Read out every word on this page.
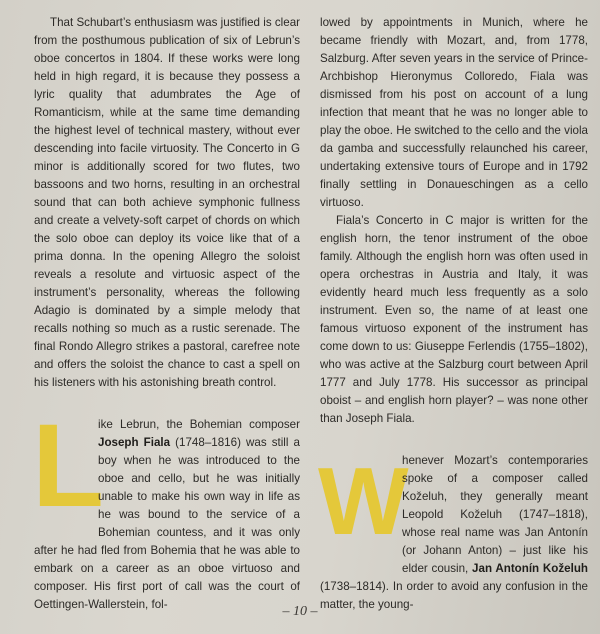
That Schubart’s enthusiasm was justified is clear from the posthumous publication of six of Lebrun’s oboe concertos in 1804. If these works were long held in high regard, it is because they possess a lyric quality that adumbrates the Age of Romanticism, while at the same time demanding the highest level of technical mastery, without ever descending into facile virtuosity. The Concerto in G minor is additionally scored for two flutes, two bassoons and two horns, resulting in an orchestral sound that can both achieve symphonic fullness and create a velvety-soft carpet of chords on which the solo oboe can deploy its voice like that of a prima donna. In the opening Allegro the soloist reveals a resolute and virtuosic aspect of the instrument’s personality, whereas the following Adagio is dominated by a simple melody that recalls nothing so much as a rustic serenade. The final Rondo Allegro strikes a pastoral, carefree note and offers the soloist the chance to cast a spell on his listeners with his astonishing breath control.

L
ike Lebrun, the Bohemian composer Joseph Fiala (1748–1816) was still a boy when he was introduced to the oboe and cello, but he was initially unable to make his own way in life as he was bound to the service of a Bohemian countess, and it was only after he had fled from Bohemia that he was able to embark on a career as an oboe virtuoso and composer. His first port of call was the court of Oettingen-Wallerstein, fol-

lowed by appointments in Munich, where he became friendly with Mozart, and, from 1778, Salzburg. After seven years in the service of Prince-Archbishop Hieronymus Colloredo, Fiala was dismissed from his post on account of a lung infection that meant that he was no longer able to play the oboe. He switched to the cello and the viola da gamba and successfully relaunched his career, undertaking extensive tours of Europe and in 1792 finally settling in Donaueschingen as a cello virtuoso.

Fiala’s Concerto in C major is written for the english horn, the tenor instrument of the oboe family. Although the english horn was often used in opera orchestras in Austria and Italy, it was evidently heard much less frequently as a solo instrument. Even so, the name of at least one famous virtuoso exponent of the instrument has come down to us: Giuseppe Ferlendis (1755–1802), who was active at the Salzburg court between April 1777 and July 1778. His successor as principal oboist – and english horn player? – was none other than Joseph Fiala.

W
henever Mozart’s contemporaries spoke of a composer called Koželuh, they generally meant Leopold Koželuh (1747–1818), whose real name was Jan Antonín (or Johann Anton) – just like his elder cousin, Jan Antonín Koželuh (1738–1814). In order to avoid any confusion in the matter, the young-

– 10 –
